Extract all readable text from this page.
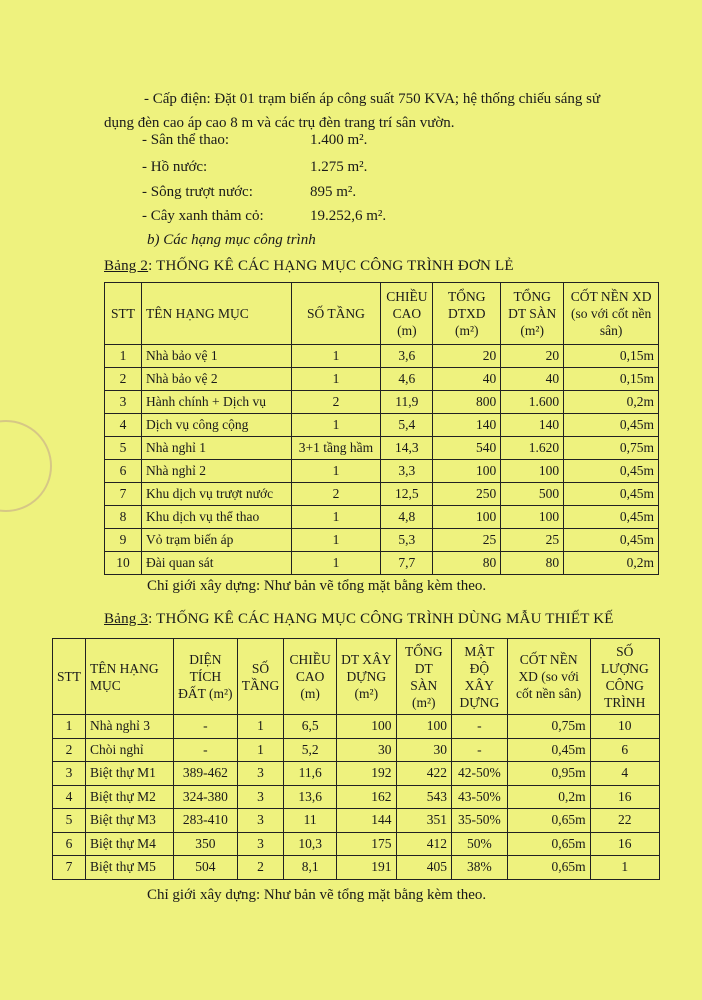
- Cấp điện: Đặt 01 trạm biến áp công suất 750 KVA; hệ thống chiếu sáng sử
dụng đèn cao áp cao 8 m và các trụ đèn trang trí sân vườn.
- Sân thể thao:	1.400 m².
- Hồ nước:	1.275 m².
- Sông trượt nước:	895 m².
- Cây xanh thảm cỏ:	19.252,6 m².
b) Các hạng mục công trình
Bảng 2: THỐNG KÊ CÁC HẠNG MỤC CÔNG TRÌNH ĐƠN LẺ
STT	TÊN HẠNG MỤC	SỐ TẦNG	CHIỀU CAO (m)	TỔNG DTXD (m²)	TỔNG DT SÀN (m²)	CỐT NỀN XD (so với cốt nền sân)
1	Nhà bảo vệ 1	1	3,6	20	20	0,15m
2	Nhà bảo vệ 2	1	4,6	40	40	0,15m
3	Hành chính + Dịch vụ	2	11,9	800	1.600	0,2m
4	Dịch vụ công cộng	1	5,4	140	140	0,45m
5	Nhà nghỉ 1	3+1 tầng hầm	14,3	540	1.620	0,75m
6	Nhà nghỉ 2	1	3,3	100	100	0,45m
7	Khu dịch vụ trượt nước	2	12,5	250	500	0,45m
8	Khu dịch vụ thể thao	1	4,8	100	100	0,45m
9	Vỏ trạm biến áp	1	5,3	25	25	0,45m
10	Đài quan sát	1	7,7	80	80	0,2m
Chỉ giới xây dựng: Như bản vẽ tổng mặt bằng kèm theo.
Bảng 3: THỐNG KÊ CÁC HẠNG MỤC CÔNG TRÌNH DÙNG MẪU THIẾT KẾ
STT	TÊN HẠNG MỤC	DIỆN TÍCH ĐẤT (m²)	SỐ TẦNG	CHIỀU CAO (m)	DT XÂY DỰNG (m²)	TỔNG DT SÀN (m²)	MẬT ĐỘ XÂY DỰNG	CỐT NỀN XD (so với cốt nền sân)	SỐ LƯỢNG CÔNG TRÌNH
1	Nhà nghỉ 3	-	1	6,5	100	100	-	0,75m	10
2	Chòi nghỉ	-	1	5,2	30	30	-	0,45m	6
3	Biệt thự M1	389-462	3	11,6	192	422	42-50%	0,95m	4
4	Biệt thự M2	324-380	3	13,6	162	543	43-50%	0,2m	16
5	Biệt thự M3	283-410	3	11	144	351	35-50%	0,65m	22
6	Biệt thự M4	350	3	10,3	175	412	50%	0,65m	16
7	Biệt thự M5	504	2	8,1	191	405	38%	0,65m	1
Chỉ giới xây dựng: Như bản vẽ tổng mặt bằng kèm theo.
